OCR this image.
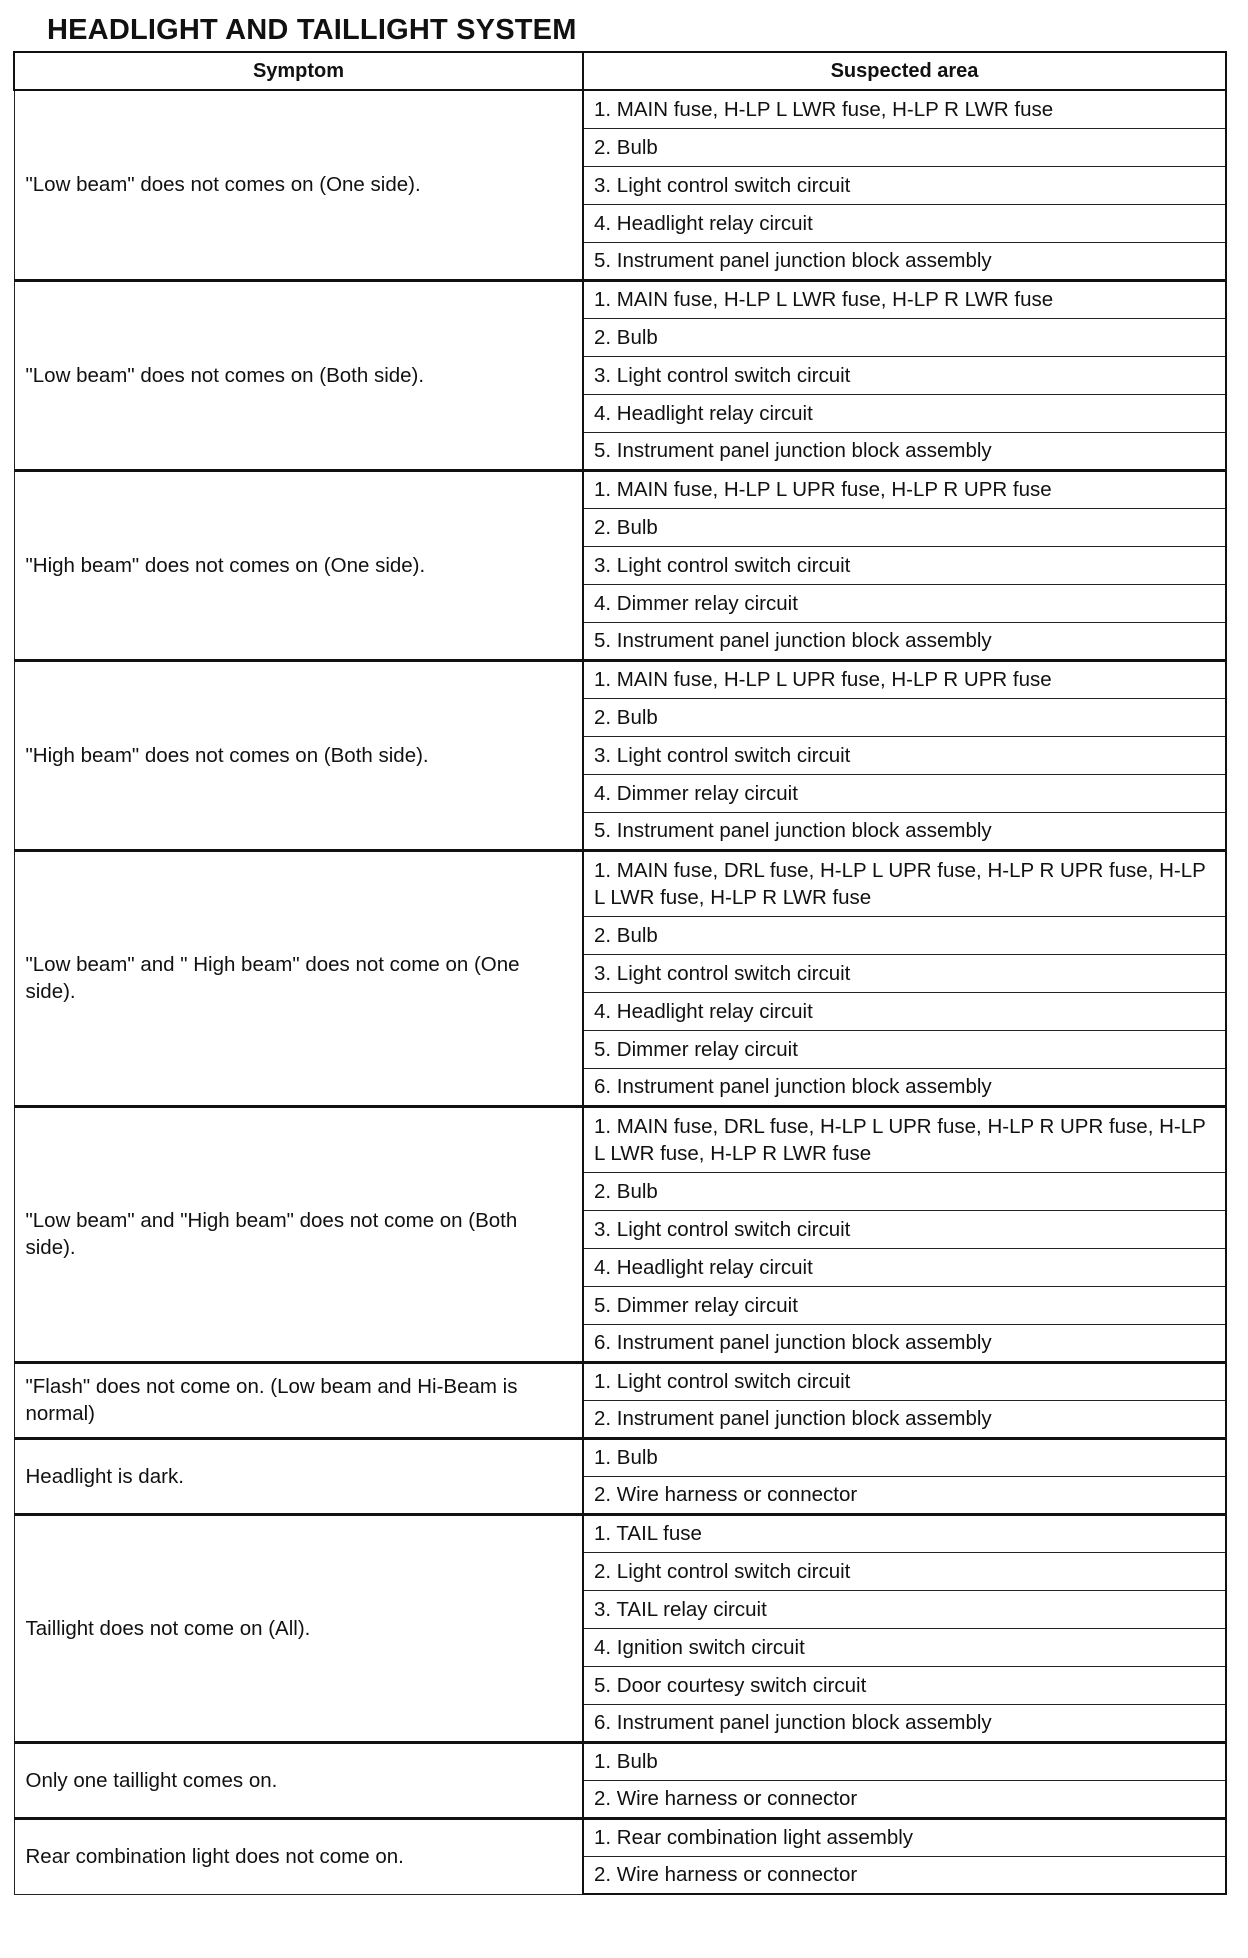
HEADLIGHT AND TAILLIGHT SYSTEM
Symptom	Suspected area
"Low beam" does not comes on (One side).	1. MAIN fuse, H-LP L LWR fuse, H-LP R LWR fuse
	2. Bulb
	3. Light control switch circuit
	4. Headlight relay circuit
	5. Instrument panel junction block assembly
"Low beam" does not comes on (Both side).	1. MAIN fuse, H-LP L LWR fuse, H-LP R LWR fuse
	2. Bulb
	3. Light control switch circuit
	4. Headlight relay circuit
	5. Instrument panel junction block assembly
"High beam" does not comes on (One side).	1. MAIN fuse, H-LP L UPR fuse, H-LP R UPR fuse
	2. Bulb
	3. Light control switch circuit
	4. Dimmer relay circuit
	5. Instrument panel junction block assembly
"High beam" does not comes on (Both side).	1. MAIN fuse, H-LP L UPR fuse, H-LP R UPR fuse
	2. Bulb
	3. Light control switch circuit
	4. Dimmer relay circuit
	5. Instrument panel junction block assembly
"Low beam" and " High beam" does not come on (One side).	1. MAIN fuse, DRL fuse, H-LP L UPR fuse, H-LP R UPR fuse, H-LP L LWR fuse, H-LP R LWR fuse
	2. Bulb
	3. Light control switch circuit
	4. Headlight relay circuit
	5. Dimmer relay circuit
	6. Instrument panel junction block assembly
"Low beam" and "High beam" does not come on (Both side).	1. MAIN fuse, DRL fuse, H-LP L UPR fuse, H-LP R UPR fuse, H-LP L LWR fuse, H-LP R LWR fuse
	2. Bulb
	3. Light control switch circuit
	4. Headlight relay circuit
	5. Dimmer relay circuit
	6. Instrument panel junction block assembly
"Flash" does not come on. (Low beam and Hi-Beam is normal)	1. Light control switch circuit
	2. Instrument panel junction block assembly
Headlight is dark.	1. Bulb
	2. Wire harness or connector
Taillight does not come on (All).	1. TAIL fuse
	2. Light control switch circuit
	3. TAIL relay circuit
	4. Ignition switch circuit
	5. Door courtesy switch circuit
	6. Instrument panel junction block assembly
Only one taillight comes on.	1. Bulb
	2. Wire harness or connector
Rear combination light does not come on.	1. Rear combination light assembly
	2. Wire harness or connector
